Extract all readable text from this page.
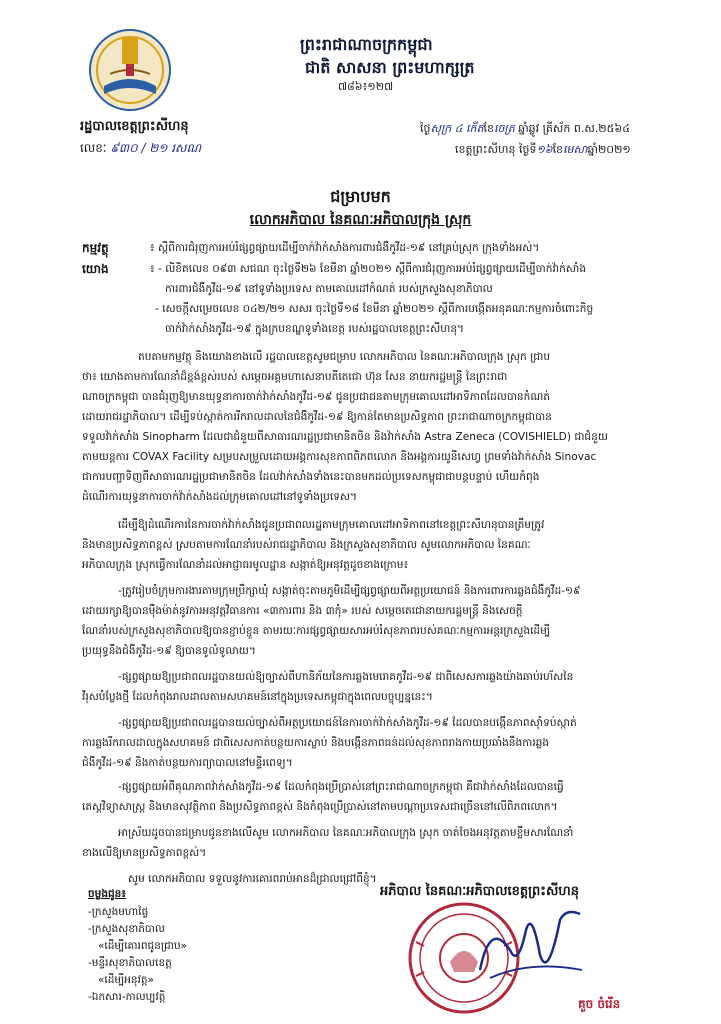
ព្រះរាជាណាចក្រកម្ពុជា
ជាតិ សាសនា ព្រះមហាក្សត្រ
៧៨៦៖១២៧
រដ្ឋបាលខេត្តព្រះសីហនុ
លេខៈ ៩៣០ / ២១ រសណ
ថ្ងៃសុក្រ ៤ កើតខែចេត្រ ឆ្នាំឆ្លូវ ត្រីស័ក ព.ស.២៥៦៤
ខេត្តព្រះសីហនុ ថ្ងៃទី១៦ខែមេសាឆ្នាំ២០២១
ជម្រាបមក
លោកអភិបាល នៃគណៈអភិបាលក្រុង ស្រុក
កម្មវត្ថុ	៖ ស្តីពីការជំរុញការអប់រំផ្សព្វផ្សាយដើម្បីចាក់វ៉ាក់សាំងការពារជំងឺកូវីដ-១៩ នៅគ្រប់ស្រុក ក្រុងទាំងអស់។
យោង	៖ - លិខិតលេខ ០៩៣ សជណ ចុះថ្ងៃទី២៦ ខែមីនា ឆ្នាំ២០២១ ស្តីពីការជំរុញការអប់រំផ្សព្វផ្សាយដើម្បីចាក់វ៉ាក់សាំង
ការពារជំងឺកូវីដ-១៩ នៅទូទាំងប្រទេស តាមគោលដៅកំណត់ របស់ក្រសួងសុខាភិបាល
- សេចក្តីសម្រេចលេខ ០៤២/២១ សសរ ចុះថ្ងៃទី១៨ ខែមីនា ឆ្នាំ២០២១ ស្តីពីការបង្កើតអនុគណៈកម្មការចំពោះកិច្ច
ចាក់វ៉ាក់សាំងកូវីដ-១៩ ក្នុងក្របខណ្ឌទូទាំងខេត្ត របស់រដ្ឋបាលខេត្តព្រះសីហនុ។
តបតាមកម្មវត្ថុ និងយោងខាងលើ រដ្ឋបាលខេត្តសូមជម្រាប លោកអភិបាល នៃគណៈអភិបាលក្រុង ស្រុក ជ្រាប
ថា៖ យោងតាមការណែនាំដ៏ខ្ពង់ខ្ពស់របស់ សម្តេចអគ្គមហាសេនាបតីតេជោ ហ៊ុន សែន នាយករដ្ឋមន្ត្រី នៃព្រះរាជា
ណាចក្រកម្ពុជា បានជំរុញឱ្យមានយុទ្ធនាការចាក់វ៉ាក់សាំងកូវីដ-១៩ ជូនប្រជាជនតាមក្រុមគោលដៅអាទិភាពដែលបានកំណត់
ដោយរាជរដ្ឋាភិបាល។ ដើម្បីទប់ស្កាត់ការរីករាលដាលនៃជំងឺកូវីដ-១៩ ឱ្យកាន់តែមានប្រសិទ្ធភាព ព្រះរាជាណាចក្រកម្ពុជាបាន
ទទួលវ៉ាក់សាំង Sinopharm ដែលជាជំនួយពីសាធារណរដ្ឋប្រជាមានិតចិន និងវ៉ាក់សាំង Astra Zeneca (COVISHIELD) ជាជំនួយ
តាមយន្តការ COVAX Facility សម្របសម្រួលដោយអង្គការសុខភាពពិភពលោក និងអង្គការយូនីសេហ្វ ព្រមទាំងវ៉ាក់សាំង Sinovac
ជាការបញ្ជាទិញពីសាធារណរដ្ឋប្រជាមានិតចិន ដែលវ៉ាក់សាំងទាំងនេះបានមកដល់ប្រទេសកម្ពុជាជាបន្តបន្ទាប់ ហើយកំពុង
ដំណើរការយុទ្ធនាការចាក់វ៉ាក់សាំងដល់ក្រុមគោលដៅនៅទូទាំងប្រទេស។
ដើម្បីឱ្យដំណើរការនៃការចាក់វ៉ាក់សាំងជូនប្រជាពលរដ្ឋតាមក្រុមគោលដៅអាទិភាពនៅខេត្តព្រះសីហនុបានត្រឹមត្រូវ
និងមានប្រសិទ្ធភាពខ្ពស់ ស្របតាមការណែនាំរបស់រាជរដ្ឋាភិបាល និងក្រសួងសុខាភិបាល សូមលោកអភិបាល នៃគណៈ
អភិបាលក្រុង ស្រុកធ្វើការណែនាំដល់អាជ្ញាធរមូលដ្ឋាន សង្កាត់ឱ្យអនុវត្តដូចខាងក្រោម៖
-ត្រូវរៀបចំក្រុមការងារតាមក្រុមប្រឹក្សាឃុំ សង្កាត់ចុះតាមភូមិដើម្បីផ្សព្វផ្សាយពីអត្ថប្រយោជន៍ និងការពារការឆ្លងជំងឺកូវីដ-១៩
ដោយរក្សាឱ្យបានម៉ឺងម៉ាត់នូវការអនុវត្តវិធានការ «៣ការពារ និង ៣កុំ» របស់ សម្តេចតេជោនាយករដ្ឋមន្ត្រី និងសេចក្តី
ណែនាំរបស់ក្រសួងសុខាភិបាលឱ្យបានខ្ជាប់ខ្ជួន តាមរយៈការផ្សព្វផ្សាយសារអប់រំសុខភាពរបស់គណៈកម្មការអន្តរក្រសួងដើម្បី
ប្រយុទ្ធនឹងជំងឺកូវីដ-១៩ ឱ្យបានទូលំទូលាយ។
-ផ្សព្វផ្សាយឱ្យប្រជាពលរដ្ឋបានយល់ឱ្យច្បាស់ពីហានិភ័យនៃការឆ្លងមេរោគកូវីដ-១៩ ជាពិសេសការឆ្លងយ៉ាងឆាប់រហ័សនៃ
វីរុសបំប្លែងថ្មី ដែលកំពុងរាលដាលតាមសហគមន៍នៅក្នុងប្រទេសកម្ពុជាក្នុងពេលបច្ចុប្បន្ននេះ។
-ផ្សព្វផ្សាយឱ្យប្រជាពលរដ្ឋបានយល់ច្បាស់ពីអត្ថប្រយោជន៍នៃការចាក់វ៉ាក់សាំងកូវីដ-១៩ ដែលបានបង្កើនភាពស៊ាំទប់ស្កាត់
ការឆ្លងរីករាលដាលក្នុងសហគមន៍ ជាពិសេសកាត់បន្ថយការស្លាប់ និងបង្កើនភាពធន់ដល់សុខភាពរាងកាយប្រឆាំងនឹងការឆ្លង
ជំងឺកូវីដ-១៩ និងកាត់បន្ថយការព្យាបាលនៅមន្ទីរពេទ្យ។
-ផ្សព្វផ្សាយអំពីគុណភាពវ៉ាក់សាំងកូវីដ-១៩ ដែលកំពុងប្រើប្រាស់នៅព្រះរាជាណាចក្រកម្ពុជា គឺជាវ៉ាក់សាំងដែលបានធ្វើ
តេស្តវិទ្យាសាស្ត្រ និងមានសុវត្ថិភាព និងប្រសិទ្ធភាពខ្ពស់ និងកំពុងប្រើប្រាស់នៅតាមបណ្តាប្រទេសជាច្រើននៅលើពិភពលោក។
អាស្រ័យដូចបានជម្រាបជូនខាងលើសូម លោកអភិបាល នៃគណៈអភិបាលក្រុង ស្រុក ចាត់ចែងអនុវត្តតាមខ្លឹមសារណែនាំ
ខាងលើឱ្យមានប្រសិទ្ធភាពខ្ពស់។
សូម លោកអភិបាល ទទួលនូវការគោរពរាប់អានដ៏ជ្រាលជ្រៅពីខ្ញុំ។
ចម្លងជូន៖
-ក្រសួងមហាផ្ទៃ
-ក្រសួងសុខាភិបាល
«ដើម្បីគោរពជូនជ្រាប»
-មន្ទីរសុខាភិបាលខេត្ត
«ដើម្បីអនុវត្ត»
-ឯកសារ-កាលប្បវត្តិ
អភិបាល នៃគណៈអភិបាលខេត្តព្រះសីហនុ
គួច ចំរើន
